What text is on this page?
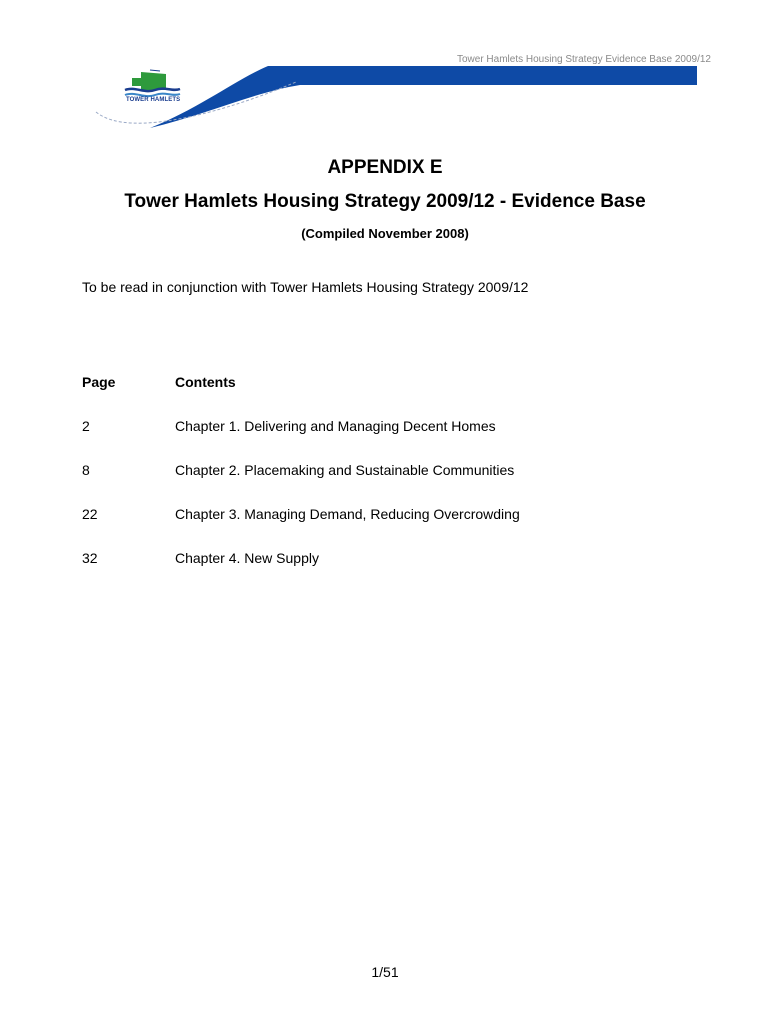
Tower Hamlets Housing Strategy Evidence Base 2009/12
TOWER HAMLETS
APPENDIX E
Tower Hamlets Housing Strategy 2009/12 - Evidence Base
(Compiled November 2008)
To be read in conjunction with Tower Hamlets Housing Strategy 2009/12
Page	Contents
2	Chapter 1. Delivering and Managing Decent Homes
8	Chapter 2. Placemaking and Sustainable Communities
22	Chapter 3. Managing Demand, Reducing Overcrowding
32	Chapter 4. New Supply
1/51
